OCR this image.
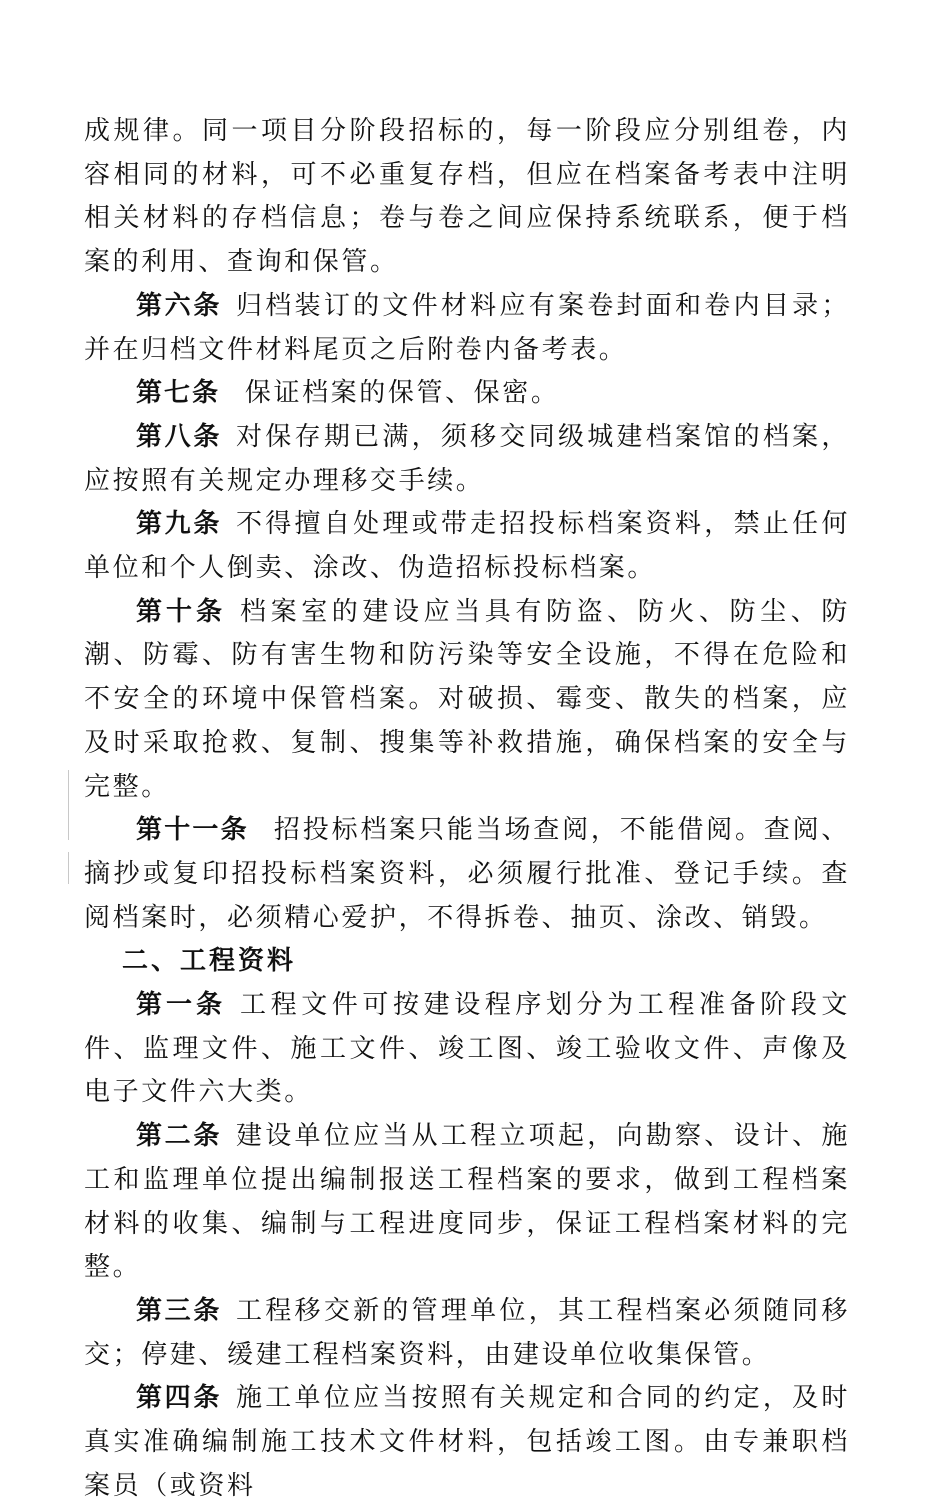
成规律。同一项目分阶段招标的，每一阶段应分别组卷，内容相同的材料，可不必重复存档，但应在档案备考表中注明相关材料的存档信息；卷与卷之间应保持系统联系，便于档案的利用、查询和保管。

第六条 归档装订的文件材料应有案卷封面和卷内目录；并在归档文件材料尾页之后附卷内备考表。

第七条 保证档案的保管、保密。

第八条 对保存期已满，须移交同级城建档案馆的档案，应按照有关规定办理移交手续。

第九条 不得擅自处理或带走招投标档案资料，禁止任何单位和个人倒卖、涂改、伪造招标投标档案。

第十条 档案室的建设应当具有防盗、防火、防尘、防潮、防霉、防有害生物和防污染等安全设施，不得在危险和不安全的环境中保管档案。对破损、霉变、散失的档案，应及时采取抢救、复制、搜集等补救措施，确保档案的安全与完整。

第十一条 招投标档案只能当场查阅，不能借阅。查阅、摘抄或复印招投标档案资料，必须履行批准、登记手续。查阅档案时，必须精心爱护，不得拆卷、抽页、涂改、销毁。

二、工程资料

第一条 工程文件可按建设程序划分为工程准备阶段文件、监理文件、施工文件、竣工图、竣工验收文件、声像及电子文件六大类。

第二条 建设单位应当从工程立项起，向勘察、设计、施工和监理单位提出编制报送工程档案的要求，做到工程档案材料的收集、编制与工程进度同步，保证工程档案材料的完整。

第三条 工程移交新的管理单位，其工程档案必须随同移交；停建、缓建工程档案资料，由建设单位收集保管。

第四条 施工单位应当按照有关规定和合同的约定，及时真实准确编制施工技术文件材料，包括竣工图。由专兼职档案员（或资料
